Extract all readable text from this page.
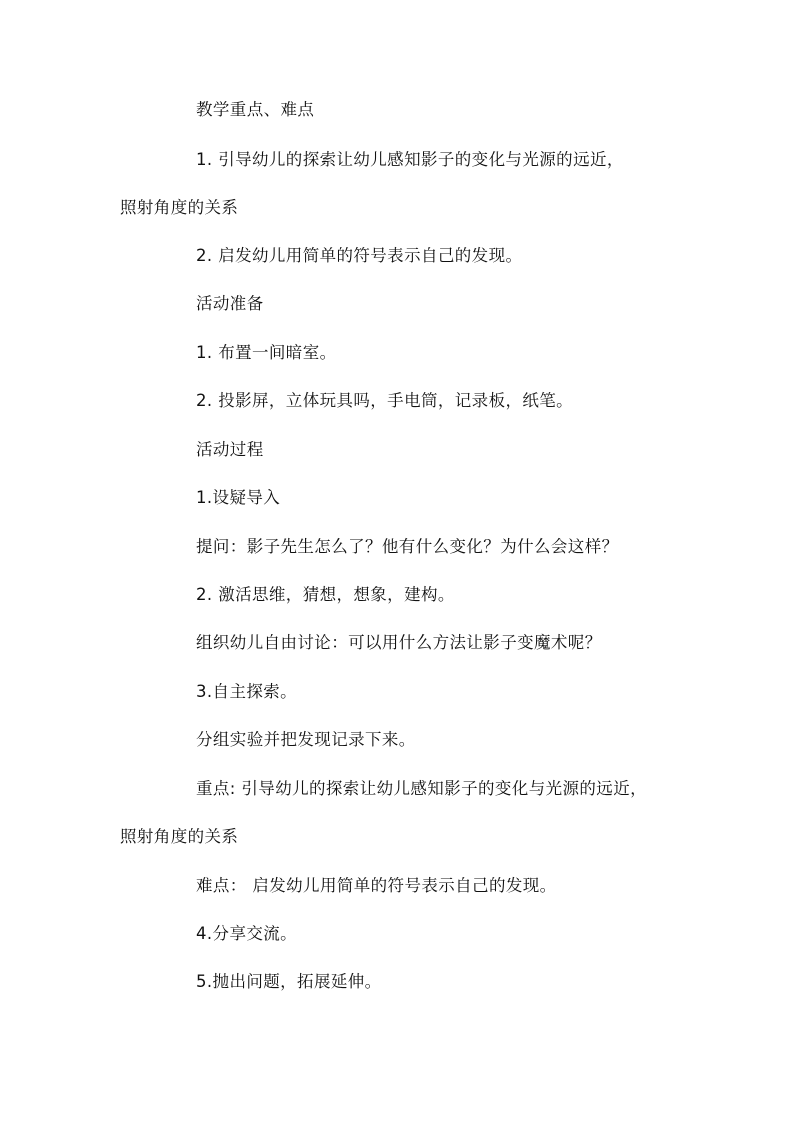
教学重点、难点
1. 引导幼儿的探索让幼儿感知影子的变化与光源的远近，
照射角度的关系
2. 启发幼儿用简单的符号表示自己的发现。
活动准备
1. 布置一间暗室。
2. 投影屏，立体玩具吗，手电筒，记录板，纸笔。
活动过程
1.设疑导入
提问：影子先生怎么了？他有什么变化？为什么会这样？
2. 激活思维，猜想，想象，建构。
组织幼儿自由讨论：可以用什么方法让影子变魔术呢？
3.自主探索。
分组实验并把发现记录下来。
重点: 引导幼儿的探索让幼儿感知影子的变化与光源的远近，
照射角度的关系
难点： 启发幼儿用简单的符号表示自己的发现。
4.分享交流。
5.抛出问题，拓展延伸。
